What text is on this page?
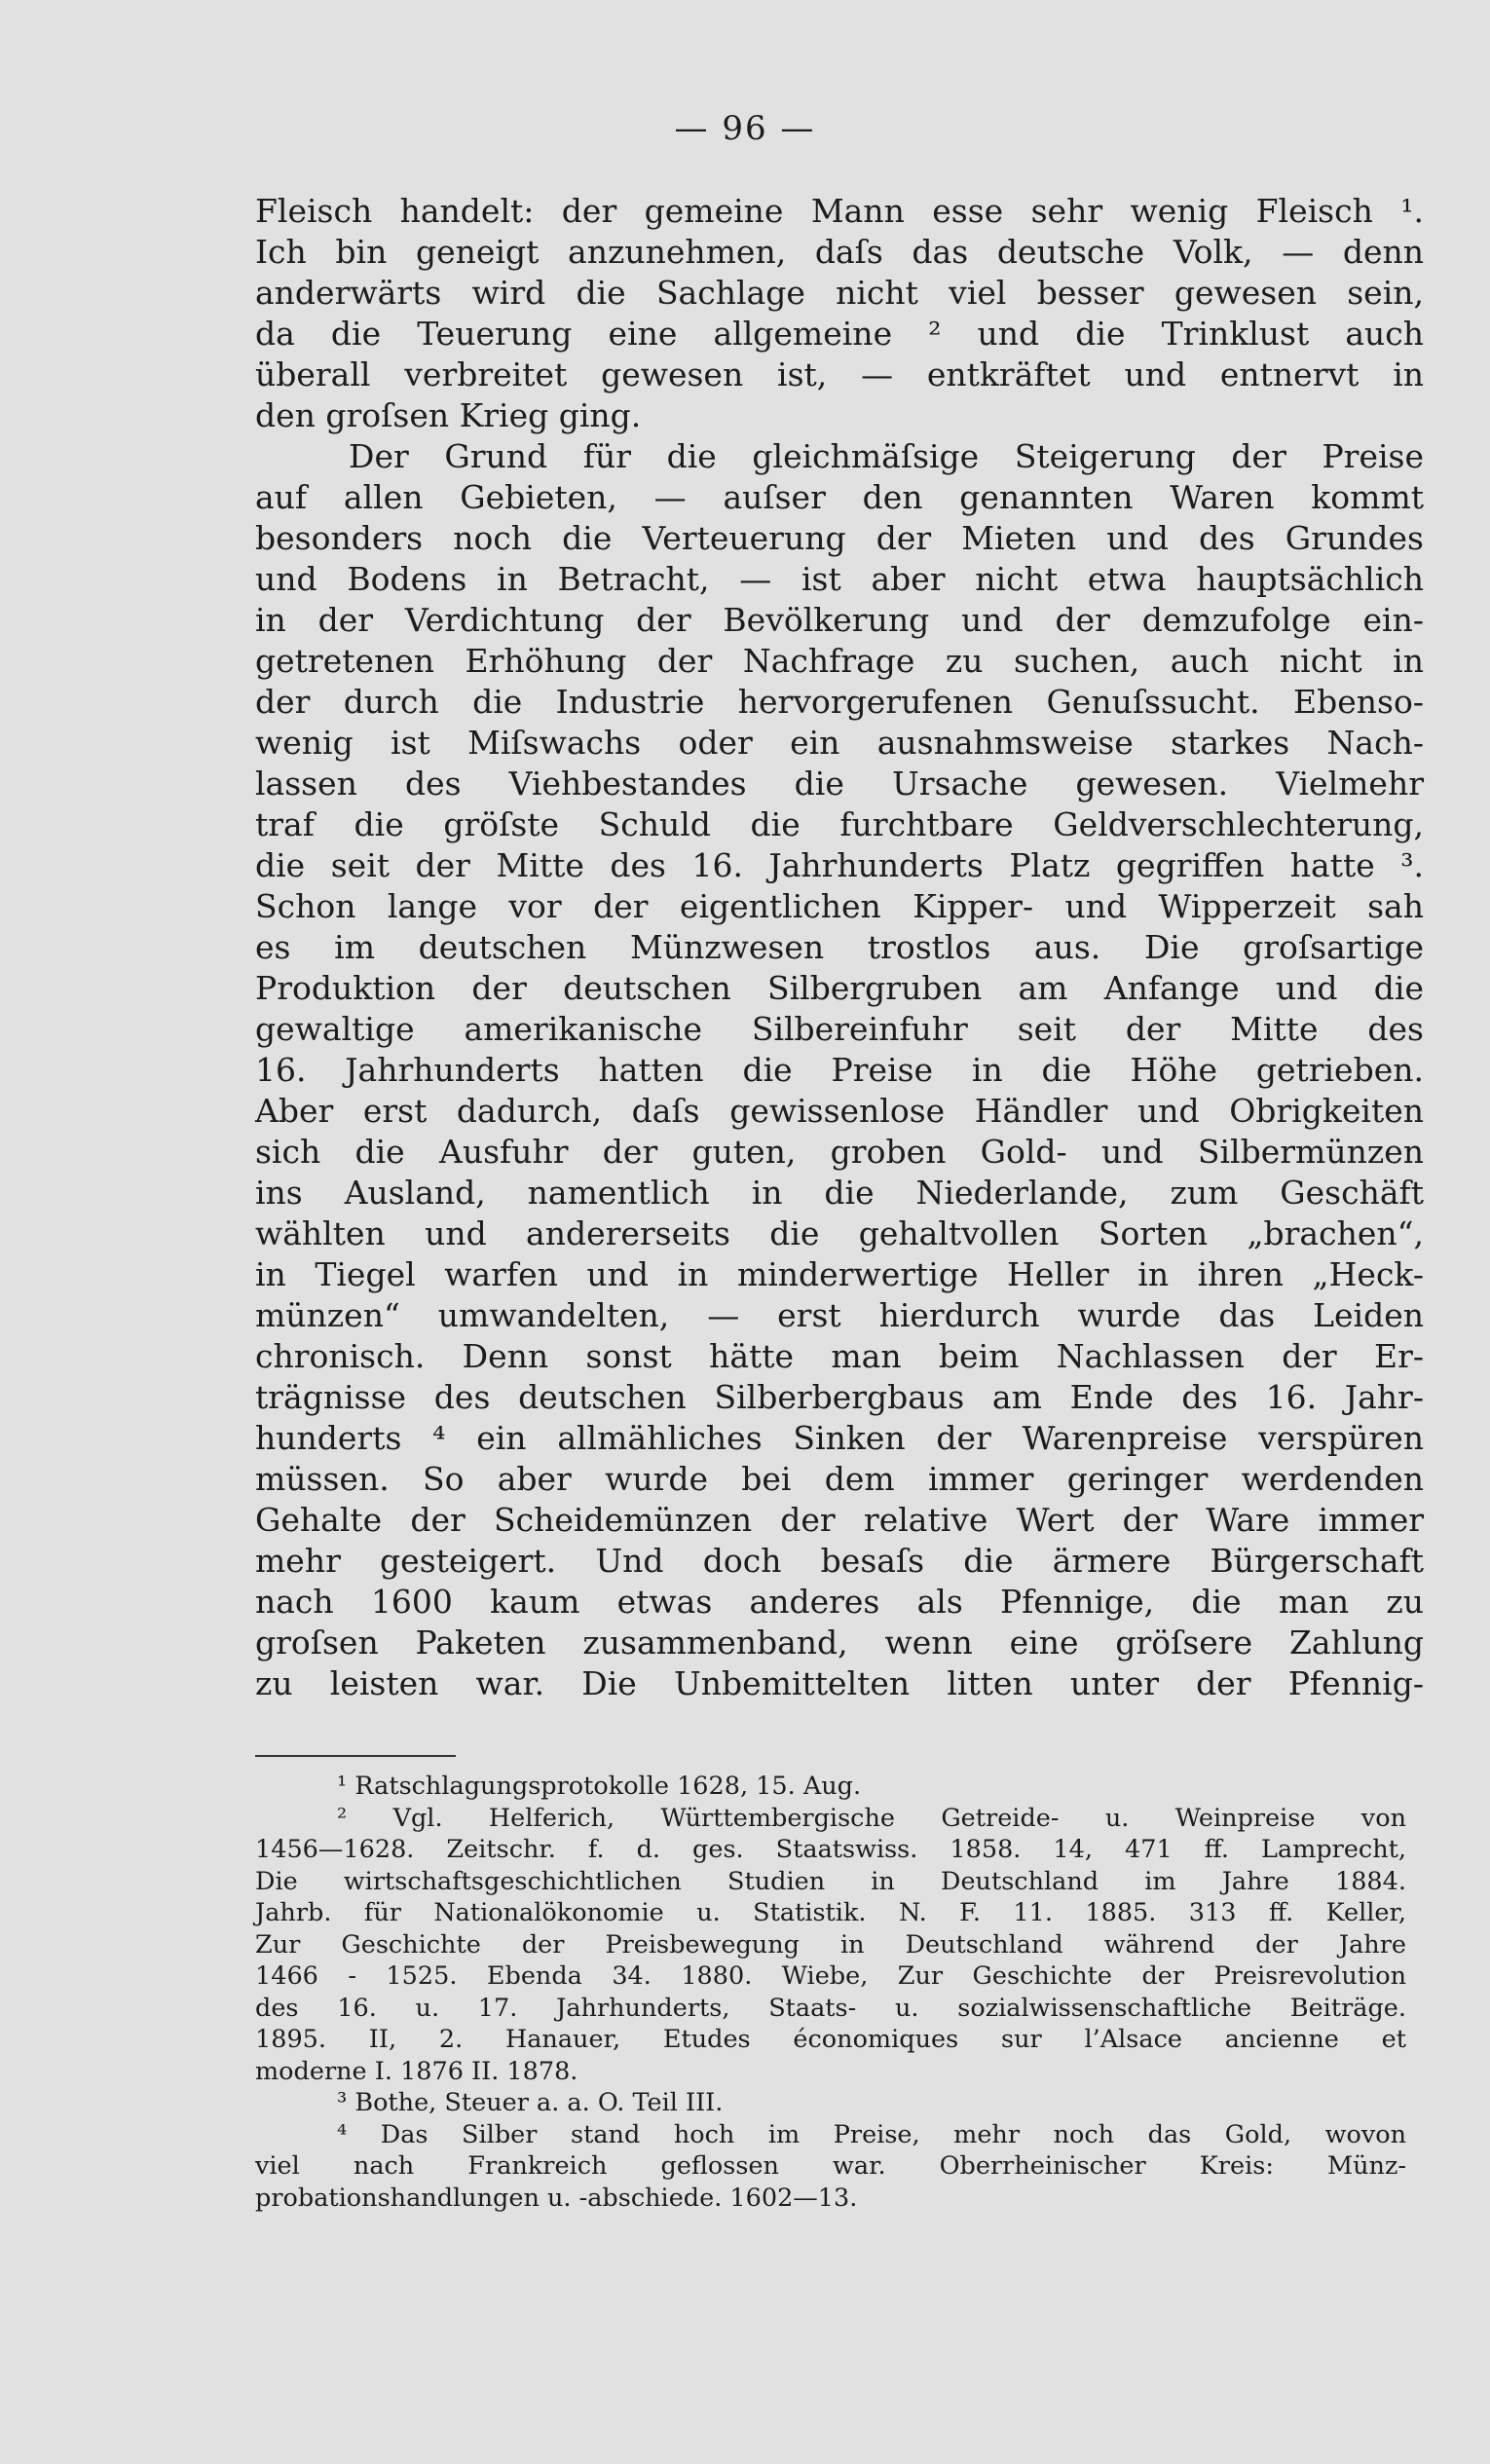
— 96 —
Fleisch handelt: der gemeine Mann esse sehr wenig Fleisch ¹.
Ich bin geneigt anzunehmen, daſs das deutsche Volk, — denn
anderwärts wird die Sachlage nicht viel besser gewesen sein,
da die Teuerung eine allgemeine ² und die Trinklust auch
überall verbreitet gewesen ist, — entkräftet und entnervt in
den groſsen Krieg ging.
Der Grund für die gleichmäſsige Steigerung der Preise
auf allen Gebieten, — auſser den genannten Waren kommt
besonders noch die Verteuerung der Mieten und des Grundes
und Bodens in Betracht, — ist aber nicht etwa hauptsächlich
in der Verdichtung der Bevölkerung und der demzufolge ein-
getretenen Erhöhung der Nachfrage zu suchen, auch nicht in
der durch die Industrie hervorgerufenen Genuſssucht. Ebenso-
wenig ist Miſswachs oder ein ausnahmsweise starkes Nach-
lassen des Viehbestandes die Ursache gewesen. Vielmehr
traf die gröſste Schuld die furchtbare Geldverschlechterung,
die seit der Mitte des 16. Jahrhunderts Platz gegriffen hatte ³.
Schon lange vor der eigentlichen Kipper- und Wipperzeit sah
es im deutschen Münzwesen trostlos aus. Die groſsartige
Produktion der deutschen Silbergruben am Anfange und die
gewaltige amerikanische Silbereinfuhr seit der Mitte des
16. Jahrhunderts hatten die Preise in die Höhe getrieben.
Aber erst dadurch, daſs gewissenlose Händler und Obrigkeiten
sich die Ausfuhr der guten, groben Gold- und Silbermünzen
ins Ausland, namentlich in die Niederlande, zum Geschäft
wählten und andererseits die gehaltvollen Sorten „brachen“,
in Tiegel warfen und in minderwertige Heller in ihren „Heck-
münzen“ umwandelten, — erst hierdurch wurde das Leiden
chronisch. Denn sonst hätte man beim Nachlassen der Er-
trägnisse des deutschen Silberbergbaus am Ende des 16. Jahr-
hunderts ⁴ ein allmähliches Sinken der Warenpreise verspüren
müssen. So aber wurde bei dem immer geringer werdenden
Gehalte der Scheidemünzen der relative Wert der Ware immer
mehr gesteigert. Und doch besaſs die ärmere Bürgerschaft
nach 1600 kaum etwas anderes als Pfennige, die man zu
groſsen Paketen zusammenband, wenn eine gröſsere Zahlung
zu leisten war. Die Unbemittelten litten unter der Pfennig-
¹ Ratschlagungsprotokolle 1628, 15. Aug.
² Vgl. Helferich, Württembergische Getreide- u. Weinpreise von
1456—1628. Zeitschr. f. d. ges. Staatswiss. 1858. 14, 471 ff. Lamprecht,
Die wirtschaftsgeschichtlichen Studien in Deutschland im Jahre 1884.
Jahrb. für Nationalökonomie u. Statistik. N. F. 11. 1885. 313 ff. Keller,
Zur Geschichte der Preisbewegung in Deutschland während der Jahre
1466 - 1525. Ebenda 34. 1880. Wiebe, Zur Geschichte der Preisrevolution
des 16. u. 17. Jahrhunderts, Staats- u. sozialwissenschaftliche Beiträge.
1895. II, 2. Hanauer, Etudes économiques sur l’Alsace ancienne et
moderne I. 1876 II. 1878.
³ Bothe, Steuer a. a. O. Teil III.
⁴ Das Silber stand hoch im Preise, mehr noch das Gold, wovon
viel nach Frankreich geflossen war. Oberrheinischer Kreis: Münz-
probationshandlungen u. -abschiede. 1602—13.
